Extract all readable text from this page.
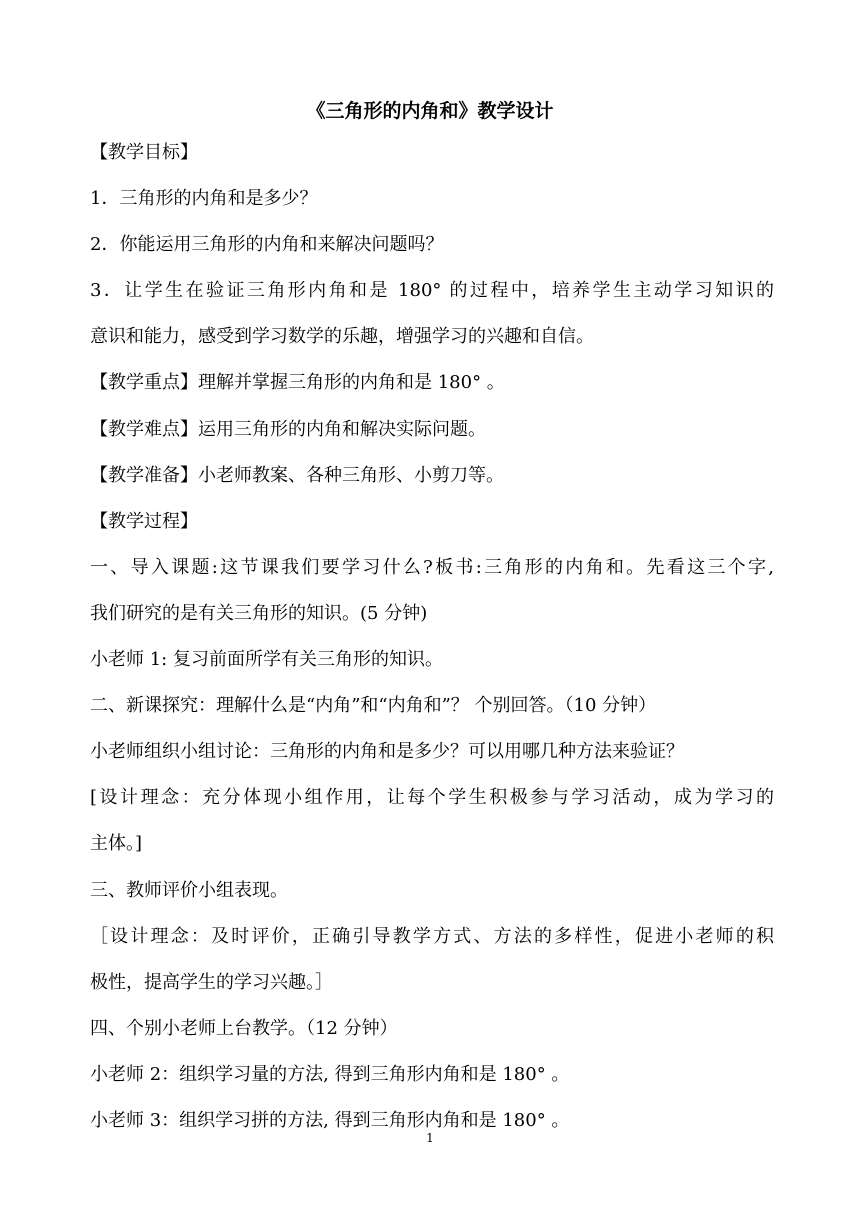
《三角形的内角和》教学设计
【教学目标】
1．三角形的内角和是多少？
2．你能运用三角形的内角和来解决问题吗？
3．让学生在验证三角形内角和是 180° 的过程中，培养学生主动学习知识的
意识和能力，感受到学习数学的乐趣，增强学习的兴趣和自信。
【教学重点】理解并掌握三角形的内角和是 180° 。
【教学难点】运用三角形的内角和解决实际问题。
【教学准备】小老师教案、各种三角形、小剪刀等。
【教学过程】
一、导入课题:这节课我们要学习什么?板书:三角形的内角和。先看这三个字,
我们研究的是有关三角形的知识。(5 分钟)
小老师 1: 复习前面所学有关三角形的知识。
二、新课探究：理解什么是“内角”和“内角和”？ 个别回答。（10 分钟）
小老师组织小组讨论：三角形的内角和是多少？可以用哪几种方法来验证？
[设计理念：充分体现小组作用，让每个学生积极参与学习活动，成为学习的
主体。]
三、教师评价小组表现。
［设计理念：及时评价，正确引导教学方式、方法的多样性，促进小老师的积
极性，提高学生的学习兴趣。］
四、个别小老师上台教学。（12 分钟）
小老师 2：组织学习量的方法, 得到三角形内角和是 180° 。
小老师 3：组织学习拼的方法, 得到三角形内角和是 180° 。
1
